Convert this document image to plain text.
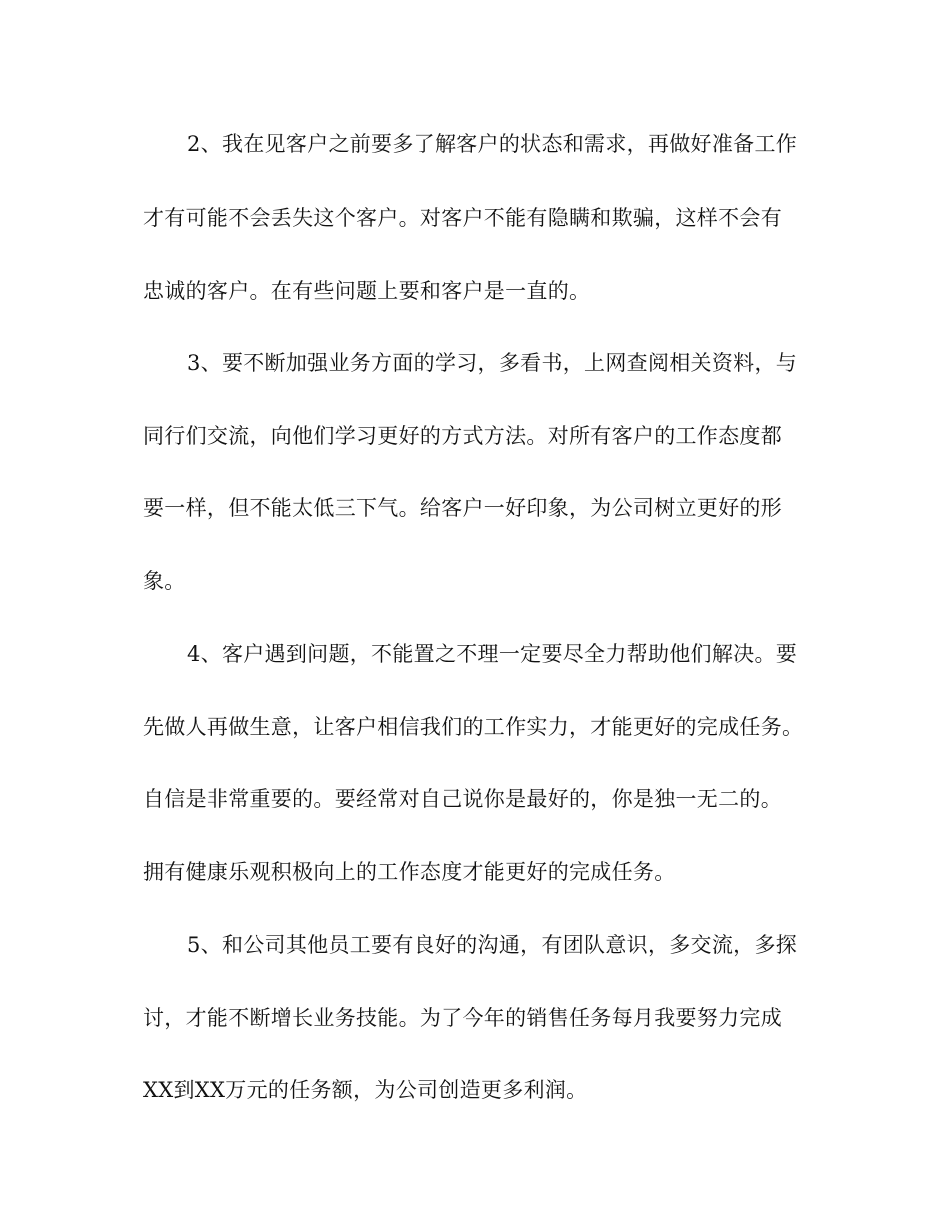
2、我在见客户之前要多了解客户的状态和需求，再做好准备工作
才有可能不会丢失这个客户。对客户不能有隐瞒和欺骗，这样不会有
忠诚的客户。在有些问题上要和客户是一直的。
3、要不断加强业务方面的学习，多看书，上网查阅相关资料，与
同行们交流，向他们学习更好的方式方法。对所有客户的工作态度都
要一样，但不能太低三下气。给客户一好印象，为公司树立更好的形
象。
4、客户遇到问题，不能置之不理一定要尽全力帮助他们解决。要
先做人再做生意，让客户相信我们的工作实力，才能更好的完成任务。
自信是非常重要的。要经常对自己说你是最好的，你是独一无二的。
拥有健康乐观积极向上的工作态度才能更好的完成任务。
5、和公司其他员工要有良好的沟通，有团队意识，多交流，多探
讨，才能不断增长业务技能。为了今年的销售任务每月我要努力完成
XX到XX万元的任务额，为公司创造更多利润。
